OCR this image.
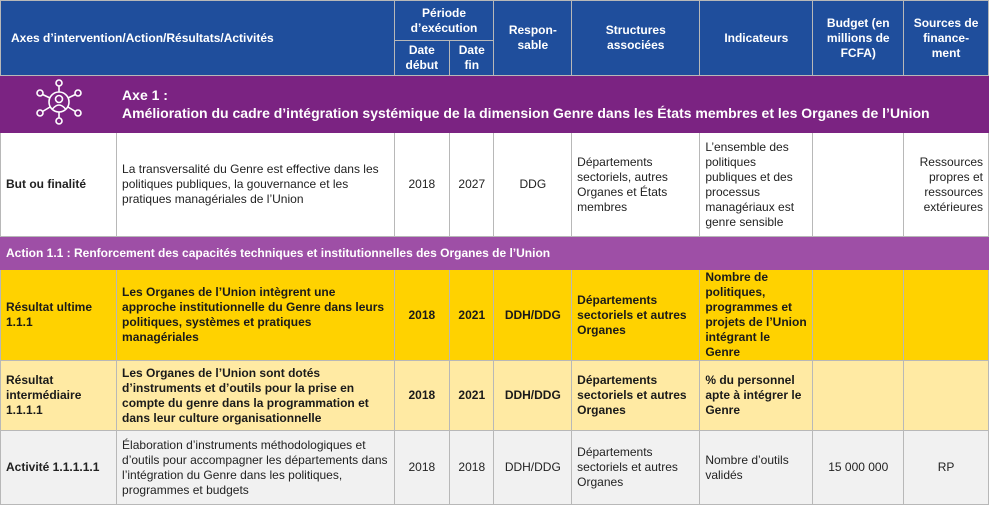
Axes d’intervention/Action/Résultats/Activités		Période d’exécution		Respon- sable	Structures associées	Indicateurs	Budget (en millions de FCFA)	Sources de finance- ment
		Date début	Date fin					

Axe 1 :
Amélioration du cadre d’intégration systémique de la dimension Genre dans les États membres et les Organes de l’Union							

But ou finalité	La transversalité du Genre est effective dans les politiques publiques, la gouvernance et les pratiques managériales de l’Union	2018	2027	DDG	Départements sectoriels, autres Organes et États membres	L’ensemble des politiques publiques et des processus managériaux est genre sensible		Ressources propres et ressources extérieures
Action 1.1 : Renforcement des capacités techniques et institutionnelles des Organes de l’Union								
Résultat ultime 1.1.1	Les Organes de l’Union intègrent une approche institutionnelle du Genre dans leurs politiques, systèmes et pratiques managériales	2018	2021	DDH/DDG	Départements sectoriels et autres Organes	Nombre de politiques, programmes et projets de l’Union intégrant le Genre		
Résultat intermédiaire 1.1.1.1	Les Organes de l’Union sont dotés d’instruments et d’outils pour la prise en compte du genre dans la programmation et dans leur culture organisationnelle	2018	2021	DDH/DDG	Départements sectoriels et autres Organes	% du personnel apte à intégrer le Genre		
Activité 1.1.1.1.1	Élaboration d’instruments méthodologiques et d’outils pour accompagner les départements dans l’intégration du Genre dans les politiques, programmes et budgets	2018	2018	DDH/DDG	Départements sectoriels et autres Organes	Nombre d’outils validés	15 000 000	RP
